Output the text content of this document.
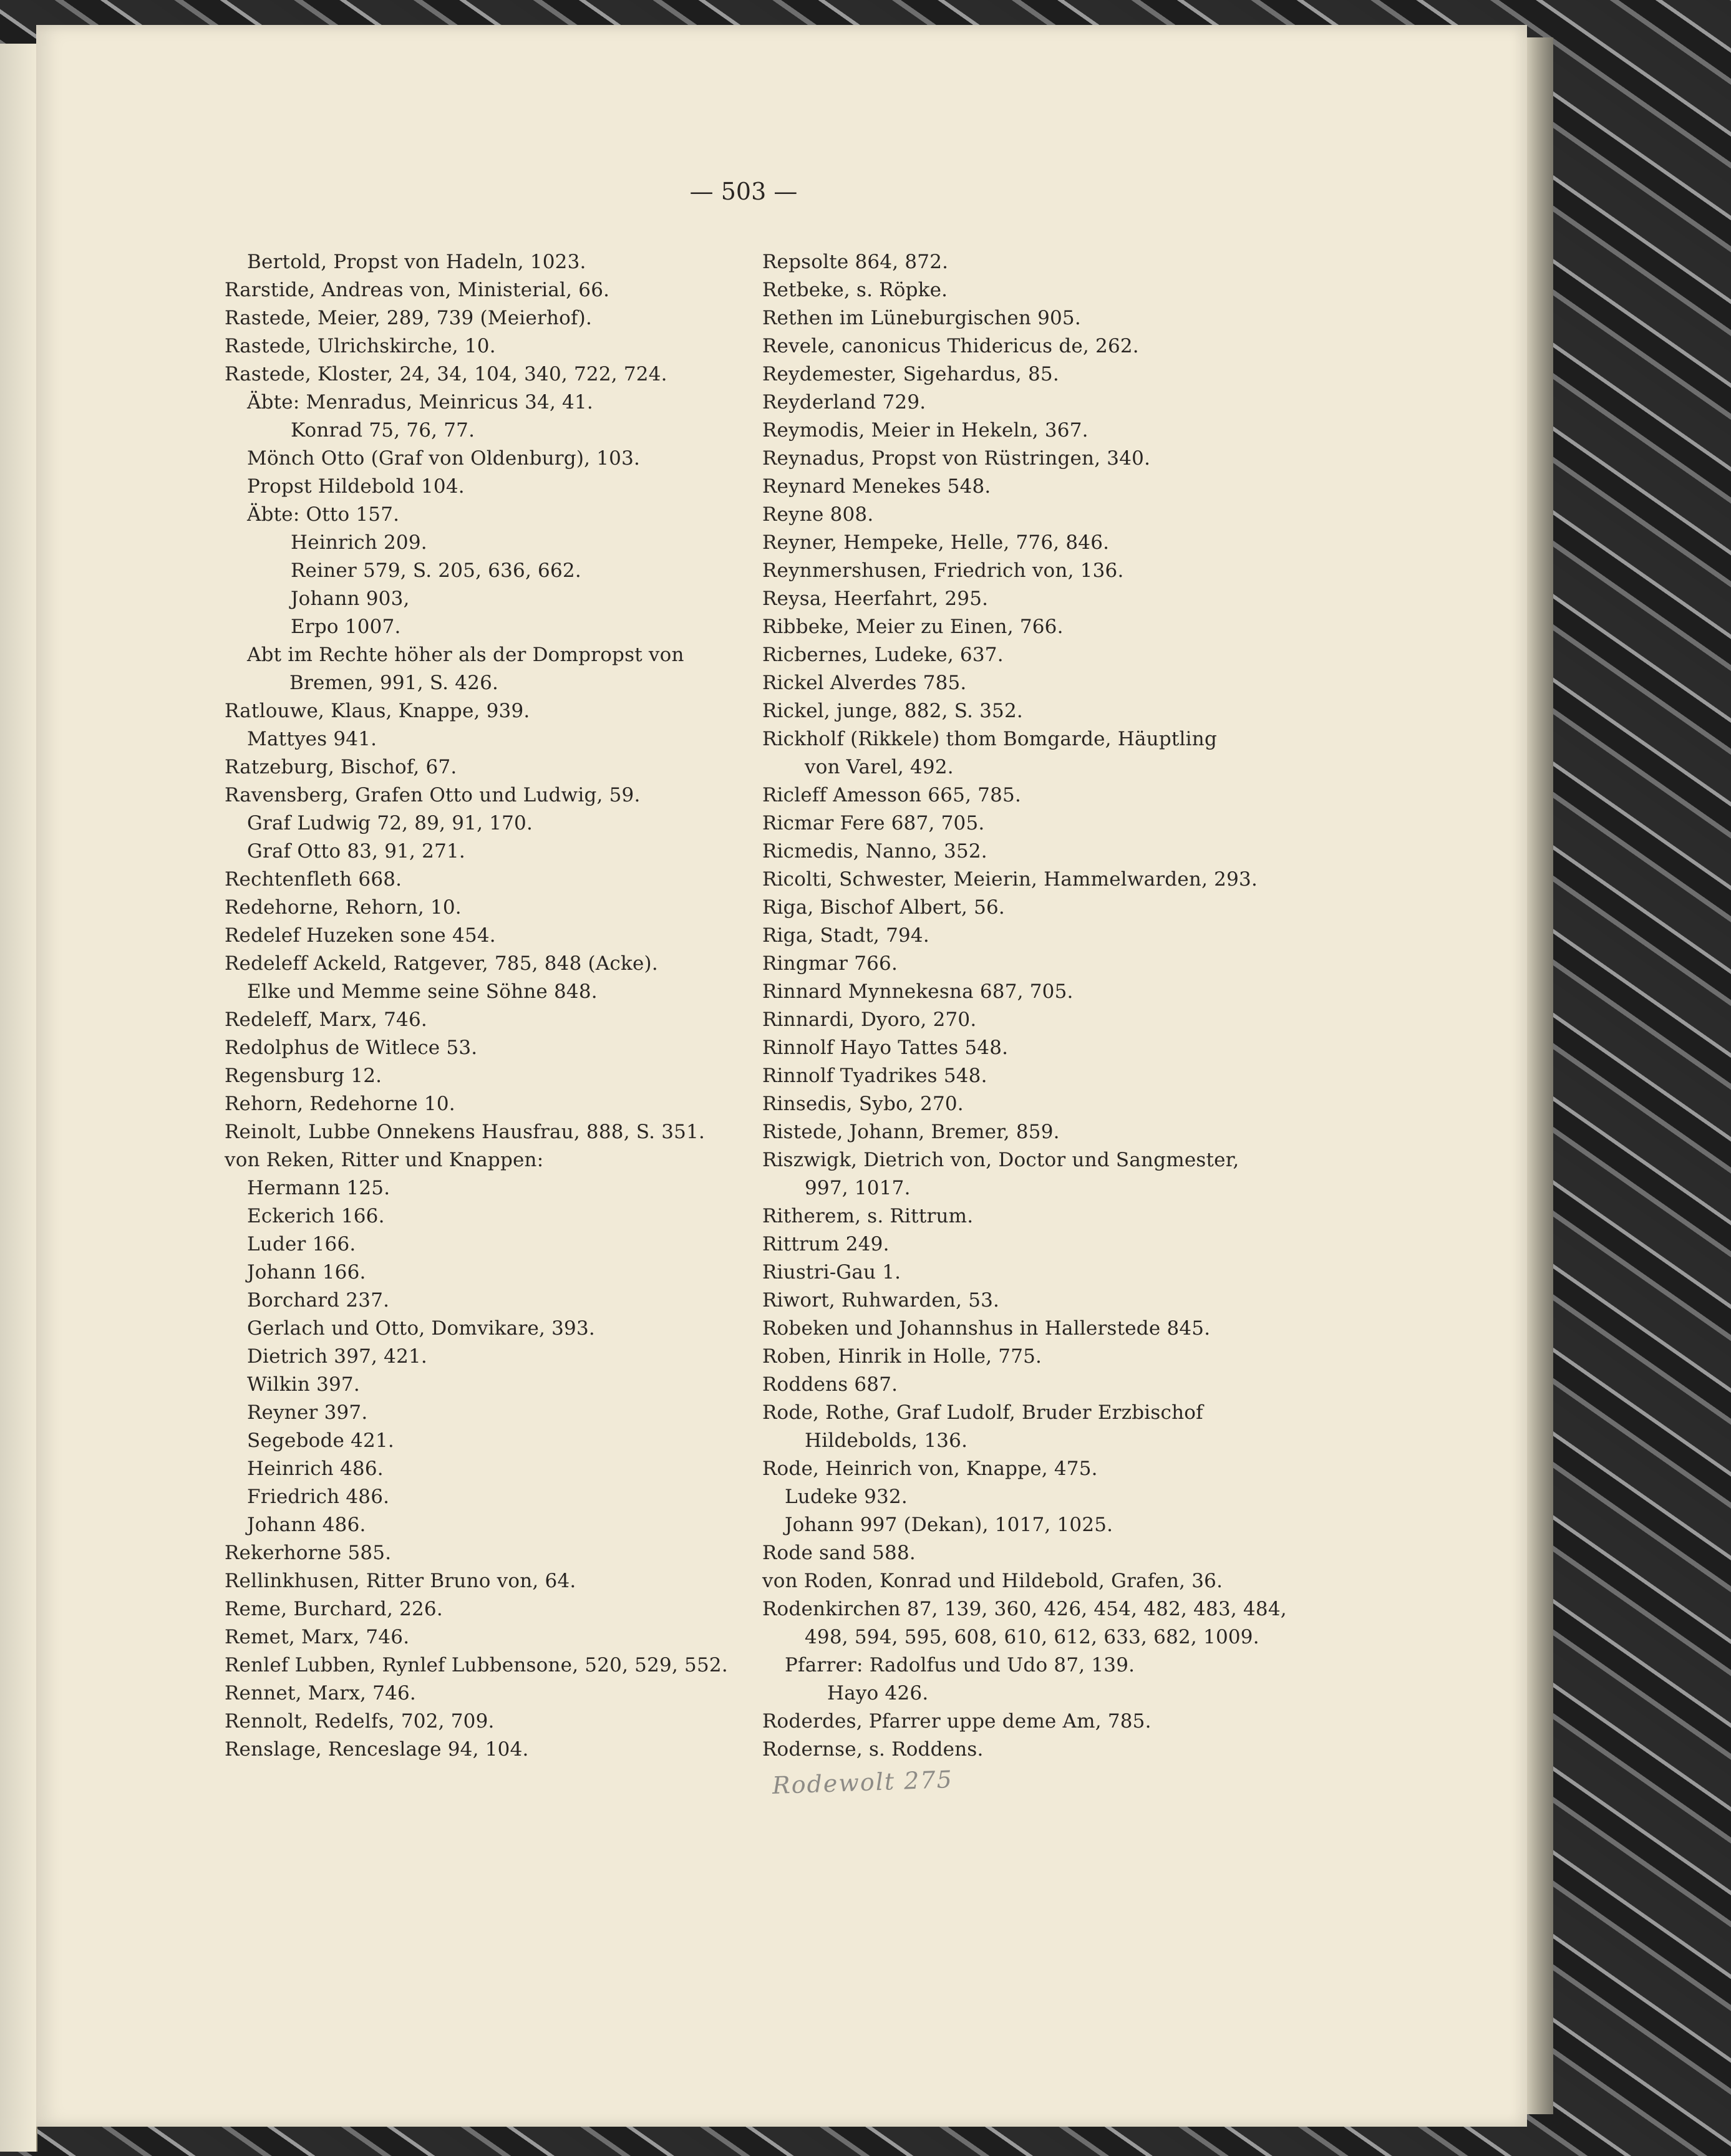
— 503 —
Bertold, Propst von Hadeln, 1023.
Rarstide, Andreas von, Ministerial, 66.
Rastede, Meier, 289, 739 (Meierhof).
Rastede, Ulrichskirche, 10.
Rastede, Kloster, 24, 34, 104, 340, 722, 724.
Äbte: Menradus, Meinricus 34, 41.
Konrad 75, 76, 77.
Mönch Otto (Graf von Oldenburg), 103.
Propst Hildebold 104.
Äbte: Otto 157.
Heinrich 209.
Reiner 579, S. 205, 636, 662.
Johann 903,
Erpo 1007.
Abt im Rechte höher als der Dompropst von
Bremen, 991, S. 426.
Ratlouwe, Klaus, Knappe, 939.
Mattyes 941.
Ratzeburg, Bischof, 67.
Ravensberg, Grafen Otto und Ludwig, 59.
Graf Ludwig 72, 89, 91, 170.
Graf Otto 83, 91, 271.
Rechtenfleth 668.
Redehorne, Rehorn, 10.
Redelef Huzeken sone 454.
Redeleff Ackeld, Ratgever, 785, 848 (Acke).
Elke und Memme seine Söhne 848.
Redeleff, Marx, 746.
Redolphus de Witlece 53.
Regensburg 12.
Rehorn, Redehorne 10.
Reinolt, Lubbe Onnekens Hausfrau, 888, S. 351.
von Reken, Ritter und Knappen:
Hermann 125.
Eckerich 166.
Luder 166.
Johann 166.
Borchard 237.
Gerlach und Otto, Domvikare, 393.
Dietrich 397, 421.
Wilkin 397.
Reyner 397.
Segebode 421.
Heinrich 486.
Friedrich 486.
Johann 486.
Rekerhorne 585.
Rellinkhusen, Ritter Bruno von, 64.
Reme, Burchard, 226.
Remet, Marx, 746.
Renlef Lubben, Rynlef Lubbensone, 520, 529, 552.
Rennet, Marx, 746.
Rennolt, Redelfs, 702, 709.
Renslage, Renceslage 94, 104.
Repsolte 864, 872.
Retbeke, s. Röpke.
Rethen im Lüneburgischen 905.
Revele, canonicus Thidericus de, 262.
Reydemester, Sigehardus, 85.
Reyderland 729.
Reymodis, Meier in Hekeln, 367.
Reynadus, Propst von Rüstringen, 340.
Reynard Menekes 548.
Reyne 808.
Reyner, Hempeke, Helle, 776, 846.
Reynmershusen, Friedrich von, 136.
Reysa, Heerfahrt, 295.
Ribbeke, Meier zu Einen, 766.
Ricbernes, Ludeke, 637.
Rickel Alverdes 785.
Rickel, junge, 882, S. 352.
Rickholf (Rikkele) thom Bomgarde, Häuptling
von Varel, 492.
Ricleff Amesson 665, 785.
Ricmar Fere 687, 705.
Ricmedis, Nanno, 352.
Ricolti, Schwester, Meierin, Hammelwarden, 293.
Riga, Bischof Albert, 56.
Riga, Stadt, 794.
Ringmar 766.
Rinnard Mynnekesna 687, 705.
Rinnardi, Dyoro, 270.
Rinnolf Hayo Tattes 548.
Rinnolf Tyadrikes 548.
Rinsedis, Sybo, 270.
Ristede, Johann, Bremer, 859.
Riszwigk, Dietrich von, Doctor und Sangmester,
997, 1017.
Ritherem, s. Rittrum.
Rittrum 249.
Riustri-Gau 1.
Riwort, Ruhwarden, 53.
Robeken und Johannshus in Hallerstede 845.
Roben, Hinrik in Holle, 775.
Roddens 687.
Rode, Rothe, Graf Ludolf, Bruder Erzbischof
Hildebolds, 136.
Rode, Heinrich von, Knappe, 475.
Ludeke 932.
Johann 997 (Dekan), 1017, 1025.
Rode sand 588.
von Roden, Konrad und Hildebold, Grafen, 36.
Rodenkirchen 87, 139, 360, 426, 454, 482, 483, 484,
498, 594, 595, 608, 610, 612, 633, 682, 1009.
Pfarrer: Radolfus und Udo 87, 139.
Hayo 426.
Roderdes, Pfarrer uppe deme Am, 785.
Rodernse, s. Roddens.
Rodewolt 275
